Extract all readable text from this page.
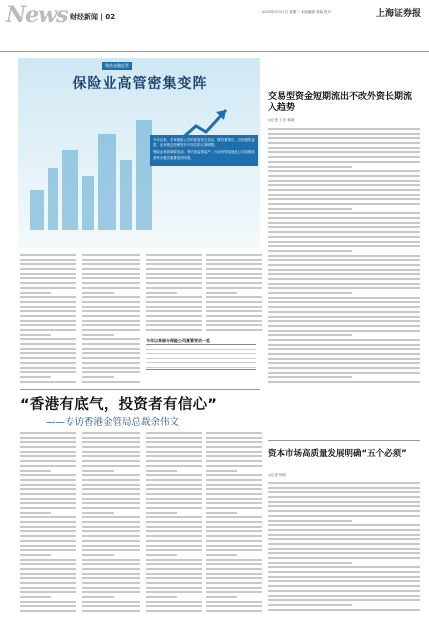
News 财经新闻 | 02
2020年5月27日 星期三 本版编辑 美编 校对	上海证券报
聚焦金融监管
保险业高管密集变阵

今年以来，多家保险公司的高管发生变动，既有董事长、总经理的更替，也有副总经理等多个岗位的人事调整。

保险业高管频繁变动，背后是监管趋严、行业转型加速及公司治理改善等多重因素叠加的结果。

交易型资金短期流出不改外资长期流入趋势
◎记者 王彦 林淑
今年以来部分保险公司高管变动一览
“香港有底气，投资者有信心”
——专访香港金管局总裁余伟文
资本市场高质量发展明确“五个必须”
◎记者 杨伟
